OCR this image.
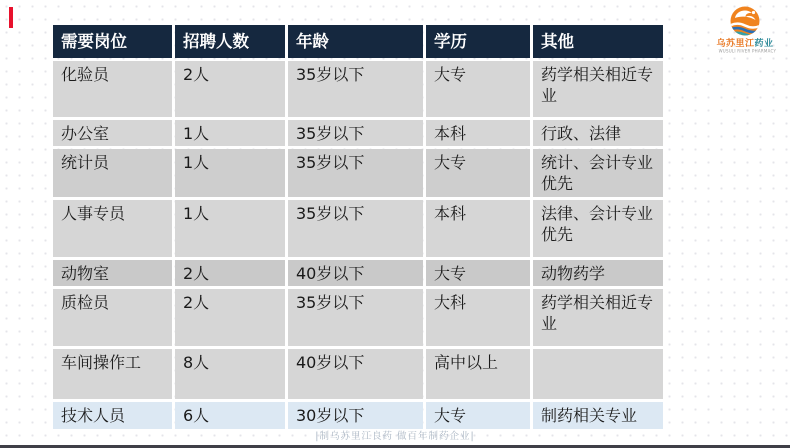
乌苏里江药业
WUSULI RIVER PHARMACY
需要岗位	招聘人数	年龄	学历	其他
化验员	2人	35岁以下	大专	药学相关相近专业
办公室	1人	35岁以下	本科	行政、法律
统计员	1人	35岁以下	大专	统计、会计专业优先
人事专员	1人	35岁以下	本科	法律、会计专业优先
动物室	2人	40岁以下	大专	动物药学
质检员	2人	35岁以下	大科	药学相关相近专业
车间操作工	8人	40岁以下	高中以上	
技术人员	6人	30岁以下	大专	制药相关专业
|制乌苏里江良药 做百年制药企业|
